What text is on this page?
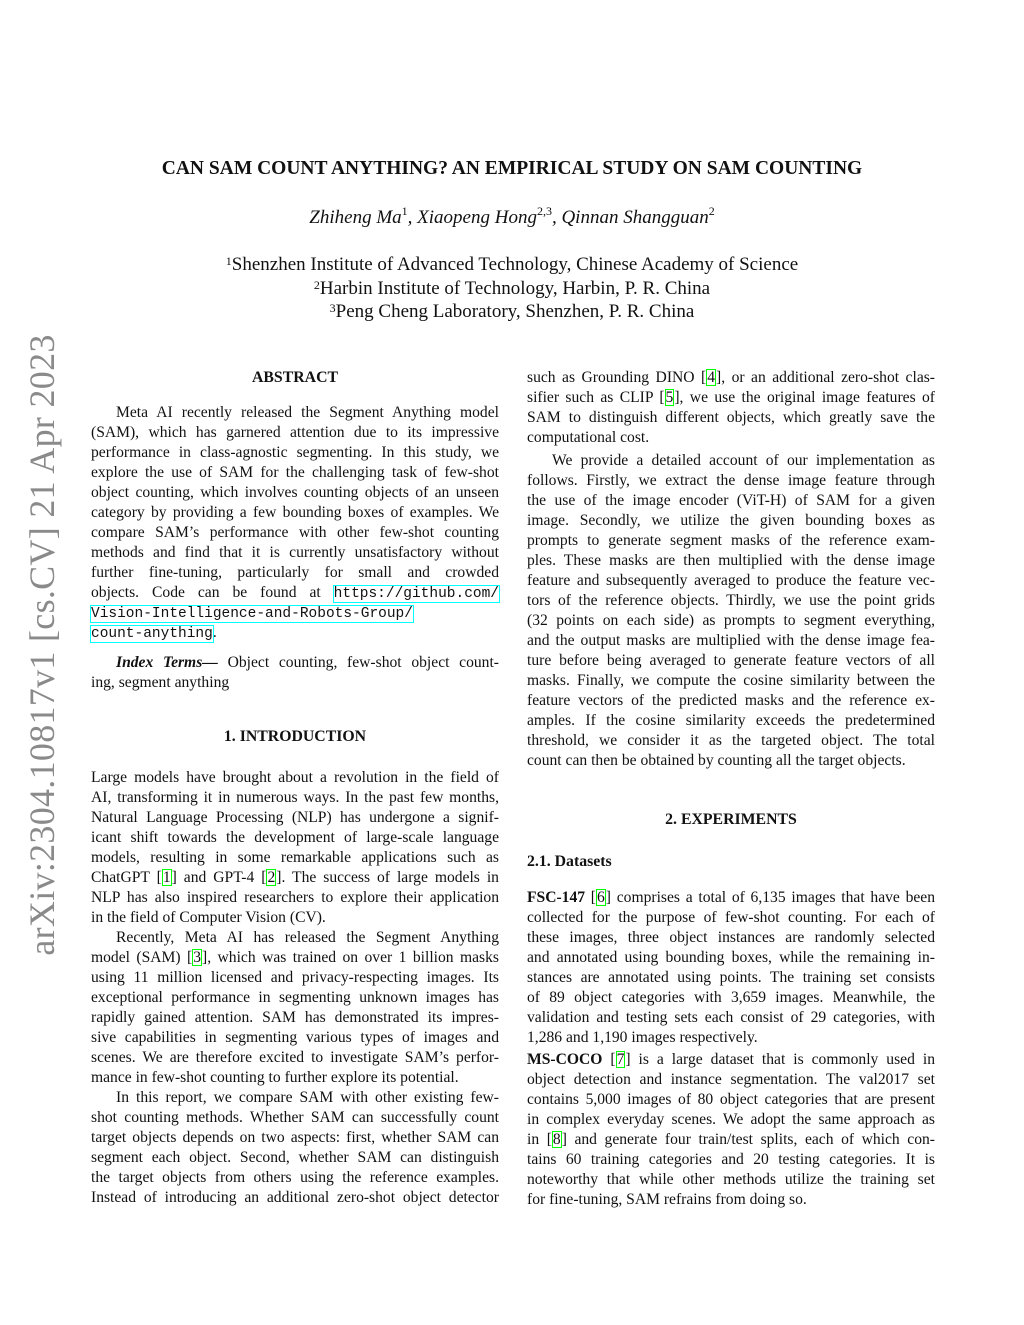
arXiv:2304.10817v1 [cs.CV] 21 Apr 2023
CAN SAM COUNT ANYTHING? AN EMPIRICAL STUDY ON SAM COUNTING
Zhiheng Ma$^1$, Xiaopeng Hong$^{2,3}$, Qinnan Shangguan$^2$
$^1$Shenzhen Institute of Advanced Technology, Chinese Academy of Science
$^2$Harbin Institute of Technology, Harbin, P. R. China
$^3$Peng Cheng Laboratory, Shenzhen, P. R. China
ABSTRACT
Meta AI recently released the Segment Anything model
(SAM), which has garnered attention due to its impressive
performance in class-agnostic segmenting. In this study, we
explore the use of SAM for the challenging task of few-shot
object counting, which involves counting objects of an unseen
category by providing a few bounding boxes of examples. We
compare SAM’s performance with other few-shot counting
methods and find that it is currently unsatisfactory without
further fine-tuning, particularly for small and crowded
objects. Code can be found at https://github.com/
Vision-Intelligence-and-Robots-Group/
count-anything.
Index Terms— Object counting, few-shot object count-
ing, segment anything
1. INTRODUCTION
Large models have brought about a revolution in the field of
AI, transforming it in numerous ways. In the past few months,
Natural Language Processing (NLP) has undergone a signif-
icant shift towards the development of large-scale language
models, resulting in some remarkable applications such as
ChatGPT [1] and GPT-4 [2]. The success of large models in
NLP has also inspired researchers to explore their application
in the field of Computer Vision (CV).
Recently, Meta AI has released the Segment Anything
model (SAM) [3], which was trained on over 1 billion masks
using 11 million licensed and privacy-respecting images. Its
exceptional performance in segmenting unknown images has
rapidly gained attention. SAM has demonstrated its impres-
sive capabilities in segmenting various types of images and
scenes. We are therefore excited to investigate SAM’s perfor-
mance in few-shot counting to further explore its potential.
In this report, we compare SAM with other existing few-
shot counting methods. Whether SAM can successfully count
target objects depends on two aspects: first, whether SAM can
segment each object. Second, whether SAM can distinguish
the target objects from others using the reference examples.
Instead of introducing an additional zero-shot object detector
such as Grounding DINO [4], or an additional zero-shot clas-
sifier such as CLIP [5], we use the original image features of
SAM to distinguish different objects, which greatly save the
computational cost.
We provide a detailed account of our implementation as
follows. Firstly, we extract the dense image feature through
the use of the image encoder (ViT-H) of SAM for a given
image. Secondly, we utilize the given bounding boxes as
prompts to generate segment masks of the reference exam-
ples. These masks are then multiplied with the dense image
feature and subsequently averaged to produce the feature vec-
tors of the reference objects. Thirdly, we use the point grids
(32 points on each side) as prompts to segment everything,
and the output masks are multiplied with the dense image fea-
ture before being averaged to generate feature vectors of all
masks. Finally, we compute the cosine similarity between the
feature vectors of the predicted masks and the reference ex-
amples. If the cosine similarity exceeds the predetermined
threshold, we consider it as the targeted object. The total
count can then be obtained by counting all the target objects.
2. EXPERIMENTS
2.1. Datasets
FSC-147 [6] comprises a total of 6,135 images that have been
collected for the purpose of few-shot counting. For each of
these images, three object instances are randomly selected
and annotated using bounding boxes, while the remaining in-
stances are annotated using points. The training set consists
of 89 object categories with 3,659 images. Meanwhile, the
validation and testing sets each consist of 29 categories, with
1,286 and 1,190 images respectively.
MS-COCO [7] is a large dataset that is commonly used in
object detection and instance segmentation. The val2017 set
contains 5,000 images of 80 object categories that are present
in complex everyday scenes. We adopt the same approach as
in [8] and generate four train/test splits, each of which con-
tains 60 training categories and 20 testing categories. It is
noteworthy that while other methods utilize the training set
for fine-tuning, SAM refrains from doing so.
